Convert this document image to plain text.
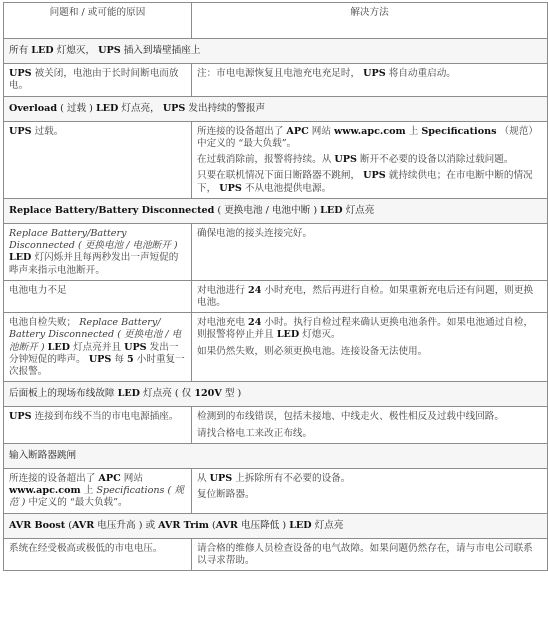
问题和 / 或可能的原因	解决方法
所有 LED 灯熄灭， UPS 插入到墙壁插座上	

UPS 被关闭，电池由于长时间断电而放电。	注：市电电源恢复且电池充电充足时， UPS 将自动重启动。

Overload ( 过载 ) LED 灯点亮， UPS 发出持续的警报声	

UPS 过载。	所连接的设备超出了 APC 网站 www.apc.com 上 Specifications （规范）中定义的 “最大负载”。

在过载消除前，报警将持续。从 UPS 断开不必要的设备以消除过载问题。

只要在联机情况下面日断路器不跳闸， UPS 就持续供电；在市电断中断的情况下， UPS 不从电池提供电源。

Replace Battery/Battery Disconnected ( 更换电池 / 电池中断 ) LED 灯点亮	

Replace Battery/Battery Disconnected ( 更换电池 / 电池断开 ) LED 灯闪烁并且每两秒发出一声短促的哔声来指示电池断开。	确保电池的接头连接完好。

电池电力不足	对电池进行 24 小时充电，然后再进行自检。如果重新充电后还有问题，则更换电池。

电池自检失败； Replace Battery/ Battery Disconnected ( 更换电池 / 电池断开 ) LED 灯点亮并且 UPS 发出一分钟短促的哔声。 UPS 每 5 小时重复一次报警。	对电池充电 24 小时。执行自检过程来确认更换电池条件。如果电池通过自检，则报警将停止并且 LED 灯熄灭。

如果仍然失败，则必须更换电池。连接设备无法使用。

后面板上的现场布线故障 LED 灯点亮 ( 仅 120V 型 )	

UPS 连接到布线不当的市电电源插座。	检测到的布线错误，包括未接地、中线走火、极性相反及过载中线回路。

请找合格电工来改正布线。

输入断路器跳闸	

所连接的设备超出了 APC 网站 www.apc.com 上 Specifications ( 规范 ) 中定义的 “最大负载”。	从 UPS 上拆除所有不必要的设备。

复位断路器。

AVR Boost (AVR 电压升高 ) 或 AVR Trim (AVR 电压降低 ) LED 灯点亮	

系统在经受极高或极低的市电电压。	请合格的维修人员检查设备的电气故障。如果问题仍然存在，请与市电公司联系以寻求帮助。
